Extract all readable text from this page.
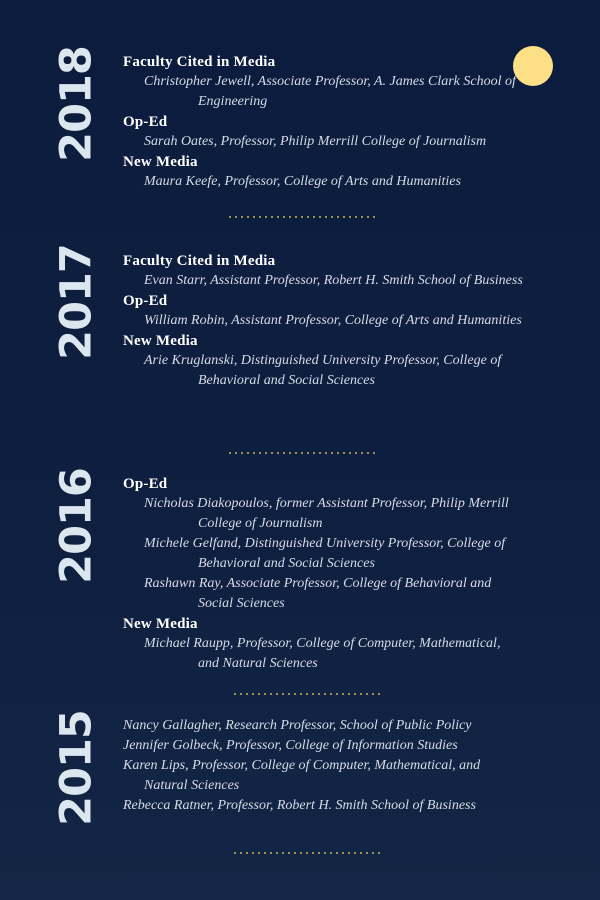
2018 Faculty Cited in Media
Christopher Jewell, Associate Professor, A. James Clark School of Engineering
Op-Ed
Sarah Oates, Professor, Philip Merrill College of Journalism
New Media
Maura Keefe, Professor, College of Arts and Humanities
2017 Faculty Cited in Media
Evan Starr, Assistant Professor, Robert H. Smith School of Business
Op-Ed
William Robin, Assistant Professor, College of Arts and Humanities
New Media
Arie Kruglanski, Distinguished University Professor, College of Behavioral and Social Sciences
2016 Op-Ed
Nicholas Diakopoulos, former Assistant Professor, Philip Merrill College of Journalism
Michele Gelfand, Distinguished University Professor, College of Behavioral and Social Sciences
Rashawn Ray, Associate Professor, College of Behavioral and Social Sciences
New Media
Michael Raupp, Professor, College of Computer, Mathematical, and Natural Sciences
2015 Nancy Gallagher, Research Professor, School of Public Policy
Jennifer Golbeck, Professor, College of Information Studies
Karen Lips, Professor, College of Computer, Mathematical, and Natural Sciences
Rebecca Ratner, Professor, Robert H. Smith School of Business
